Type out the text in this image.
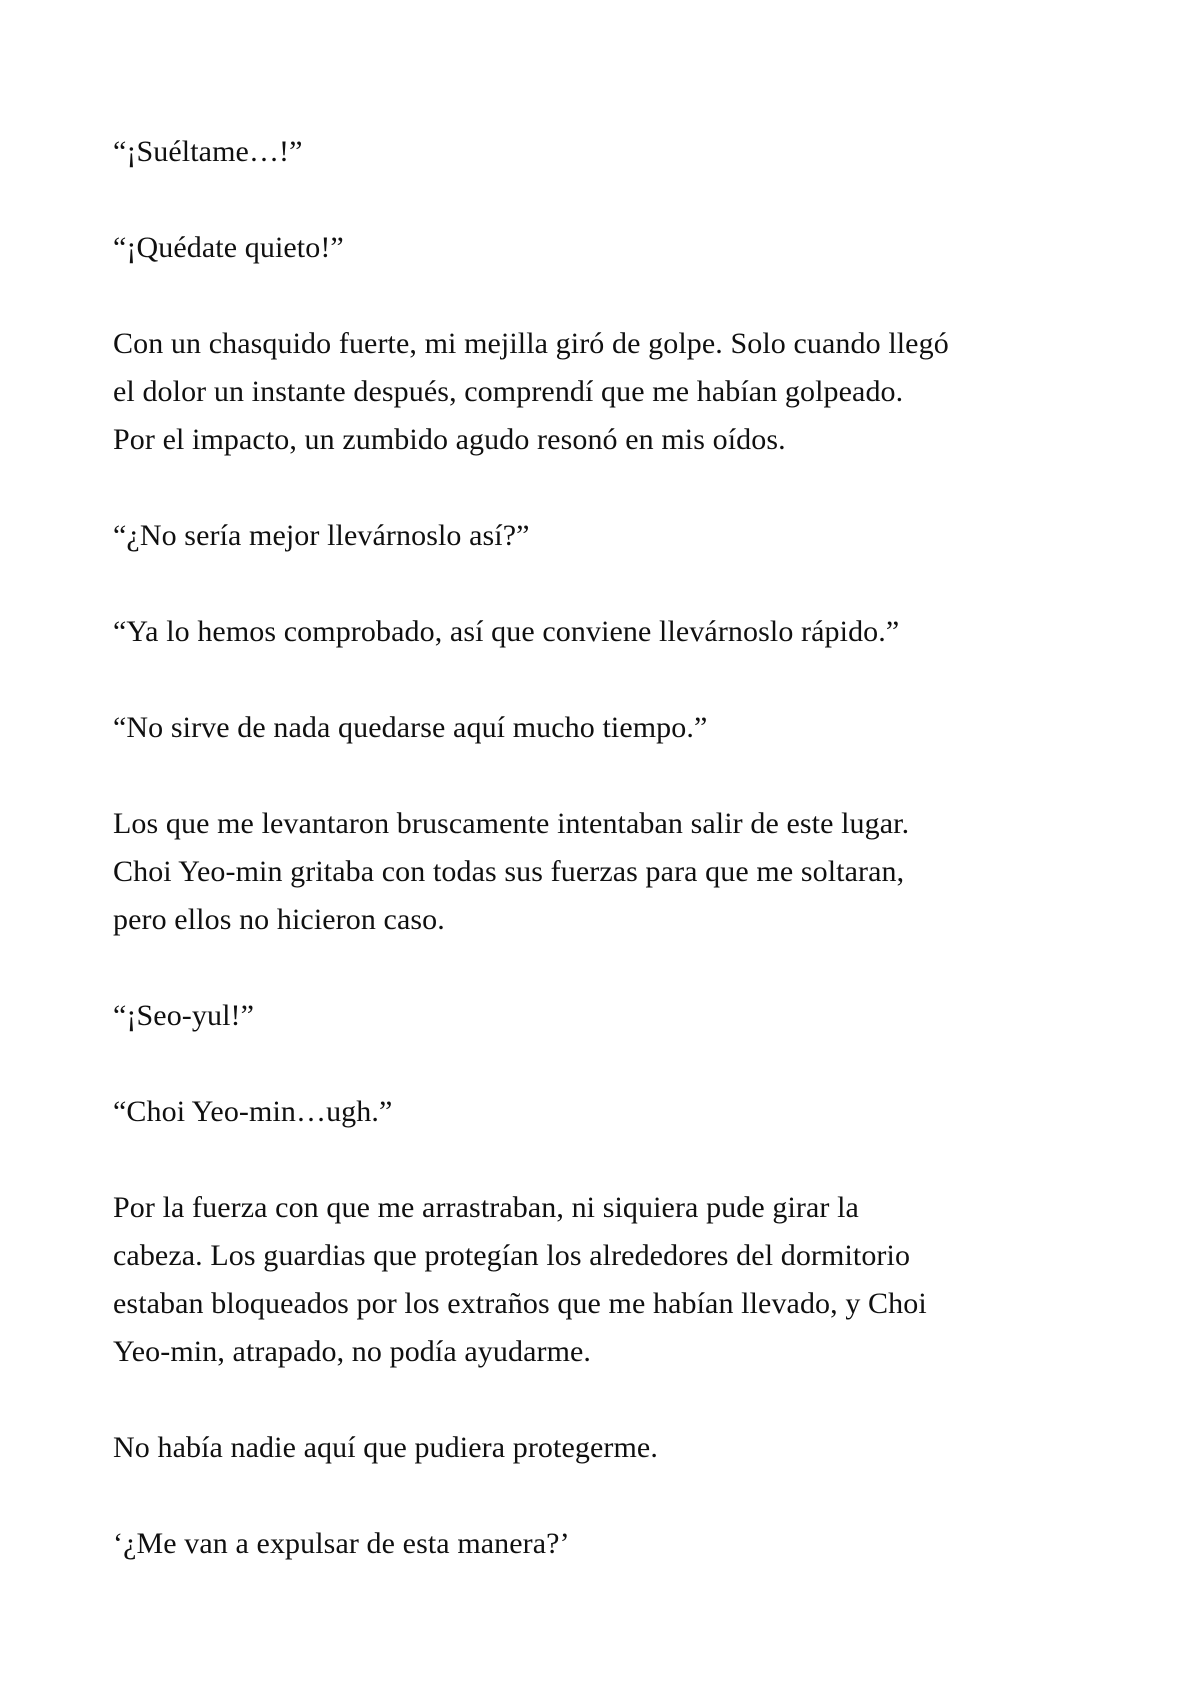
“¡Suéltame…!”
“¡Quédate quieto!”
Con un chasquido fuerte, mi mejilla giró de golpe. Solo cuando llegó
el dolor un instante después, comprendí que me habían golpeado.
Por el impacto, un zumbido agudo resonó en mis oídos.
“¿No sería mejor llevárnoslo así?”
“Ya lo hemos comprobado, así que conviene llevárnoslo rápido.”
“No sirve de nada quedarse aquí mucho tiempo.”
Los que me levantaron bruscamente intentaban salir de este lugar.
Choi Yeo-min gritaba con todas sus fuerzas para que me soltaran,
pero ellos no hicieron caso.
“¡Seo-yul!”
“Choi Yeo-min…ugh.”
Por la fuerza con que me arrastraban, ni siquiera pude girar la
cabeza. Los guardias que protegían los alrededores del dormitorio
estaban bloqueados por los extraños que me habían llevado, y Choi
Yeo-min, atrapado, no podía ayudarme.
No había nadie aquí que pudiera protegerme.
‘¿Me van a expulsar de esta manera?’
